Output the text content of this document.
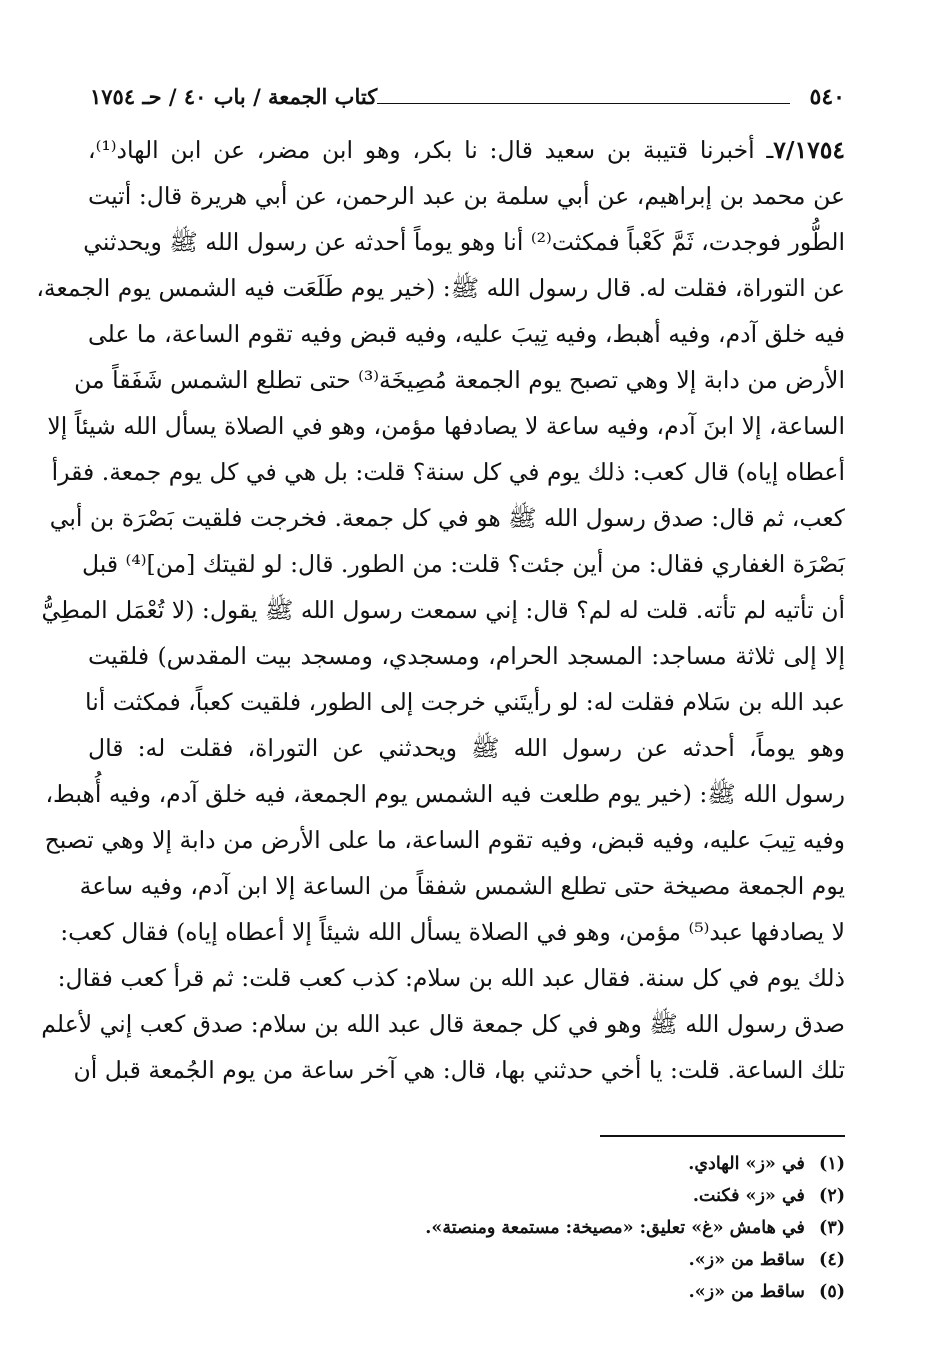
٥٤٠
كتاب الجمعة / باب ٤٠ / حـ ١٧٥٤
٧/١٧٥٤ـ أخبرنا قتيبة بن سعيد قال: نا بكر، وهو ابن مضر، عن ابن الهاد⁽¹⁾،
عن محمد بن إبراهيم، عن أبي سلمة بن عبد الرحمن، عن أبي هريرة قال: أتيت
الطُّور فوجدت، ثَمَّ كَعْباً فمكثت⁽²⁾ أنا وهو يوماً أحدثه عن رسول الله ﷺ ويحدثني
عن التوراة، فقلت له. قال رسول الله ﷺ: (خير يوم طَلَعَت فيه الشمس يوم الجمعة،
فيه خلق آدم، وفيه أهبط، وفيه تِيبَ عليه، وفيه قبض وفيه تقوم الساعة، ما على
الأرض من دابة إلا وهي تصبح يوم الجمعة مُصِيخَة⁽³⁾ حتى تطلع الشمس شَفَقاً من
الساعة، إلا ابنَ آدم، وفيه ساعة لا يصادفها مؤمن، وهو في الصلاة يسأل الله شيئاً إلا
أعطاه إياه) قال كعب: ذلك يوم في كل سنة؟ قلت: بل هي في كل يوم جمعة. فقرأ
كعب، ثم قال: صدق رسول الله ﷺ هو في كل جمعة. فخرجت فلقيت بَصْرَة بن أبي
بَصْرَة الغفاري فقال: من أين جئت؟ قلت: من الطور. قال: لو لقيتك [من]⁽⁴⁾ قبل
أن تأتيه لم تأته. قلت له لم؟ قال: إني سمعت رسول الله ﷺ يقول: (لا تُعْمَل المطِيُّ
إلا إلى ثلاثة مساجد: المسجد الحرام، ومسجدي، ومسجد بيت المقدس) فلقيت
عبد الله بن سَلام فقلت له: لو رأيتَني خرجت إلى الطور، فلقيت كعباً، فمكثت أنا
وهو يوماً، أحدثه عن رسول الله ﷺ ويحدثني عن التوراة، فقلت له: قال
رسول الله ﷺ: (خير يوم طلعت فيه الشمس يوم الجمعة، فيه خلق آدم، وفيه أُهبط،
وفيه تِيبَ عليه، وفيه قبض، وفيه تقوم الساعة، ما على الأرض من دابة إلا وهي تصبح
يوم الجمعة مصيخة حتى تطلع الشمس شفقاً من الساعة إلا ابن آدم، وفيه ساعة
لا يصادفها عبد⁽⁵⁾ مؤمن، وهو في الصلاة يسأل الله شيئاً إلا أعطاه إياه) فقال كعب:
ذلك يوم في كل سنة. فقال عبد الله بن سلام: كذب كعب قلت: ثم قرأ كعب فقال:
صدق رسول الله ﷺ وهو في كل جمعة قال عبد الله بن سلام: صدق كعب إني لأعلم
تلك الساعة. قلت: يا أخي حدثني بها، قال: هي آخر ساعة من يوم الجُمعة قبل أن
(١) في «ز» الهادي.
(٢) في «ز» فكنت.
(٣) في هامش «غ» تعليق: «مصيخة: مستمعة ومنصتة».
(٤) ساقط من «ز».
(٥) ساقط من «ز».
